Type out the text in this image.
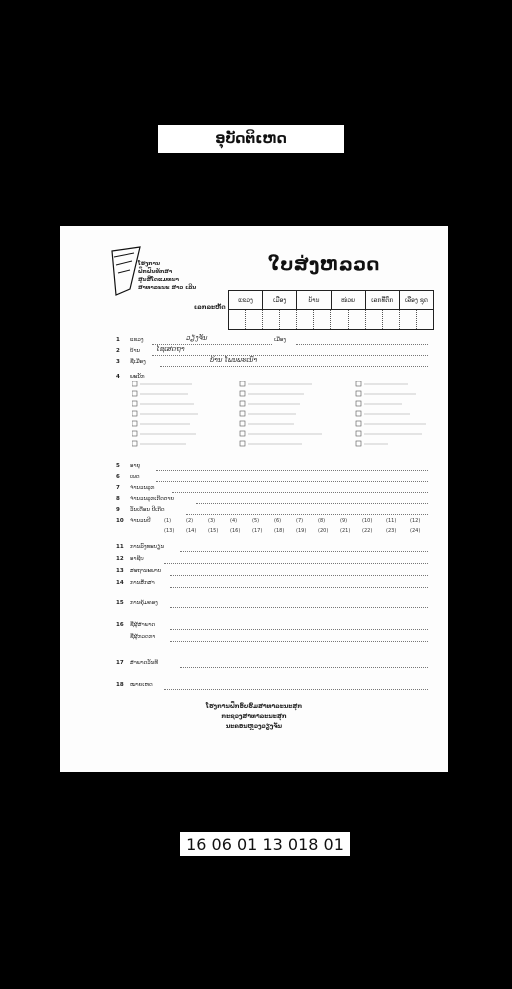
ອຸບັດຕິເຫດ
ໂຮງການ
ຝຶກຝົນທັກສາ
ສູນສືໂດແມທນາ
ສາທາລະນະ ສາວ ເລີນ
ໃບສ່ງຫລວດ
ເລກລະຫັດ
ແຂວງ	ເມືອງ	ບ້ານ	ໜ່ວຍ	ເລກທີ່ຕຶກ	ເລືອງ ຊຸດ
1 ແຂວງ	ວຽງຈັນ	ເມືອງ
2 ບ້ານ ໄຊເສດຖາ
3 ຊື່ເມືອງ	ບ້ານ ໂພນພະເນົາ
4 ພະນັກ
5 ອາຍຸ
6 ເພດ
7 ຈຳນວນລູກ
8 ຈຳນວນລູກເກີດຕາຍ
9 ວັນເດືອນ ປີເກີດ
10 ຈຳນວນປີ	(1)	(2)	(3)	(4)	(5)	(6)	(7)	(8)	(9)	(10)	(11)	(12)
(13) (14) (15) (16) (17) (18) (19) (20) (21) (22)	(23)	(24)
11 ການລົງທະບຽນ
12 ອາຊີບ
13 ສະຖານະພາບ
14 ການສຶກສາ
15 ການຄຸ້ມຄອງ
16 ຊື່ຜູ້ສຳພາດ
ຊື່ຜູ້ກວດກາ
17 ສຳພາດວັນທີ
18 ໝາຍເຫດ
ໂຮງການຝຶກອົບຮົມສາທາລະນະສຸກ
ກະຊວງສາທາລະນະສຸກ
ນະຄອນຫຼວງວຽງຈັນ
16 06 01 13 018 01
